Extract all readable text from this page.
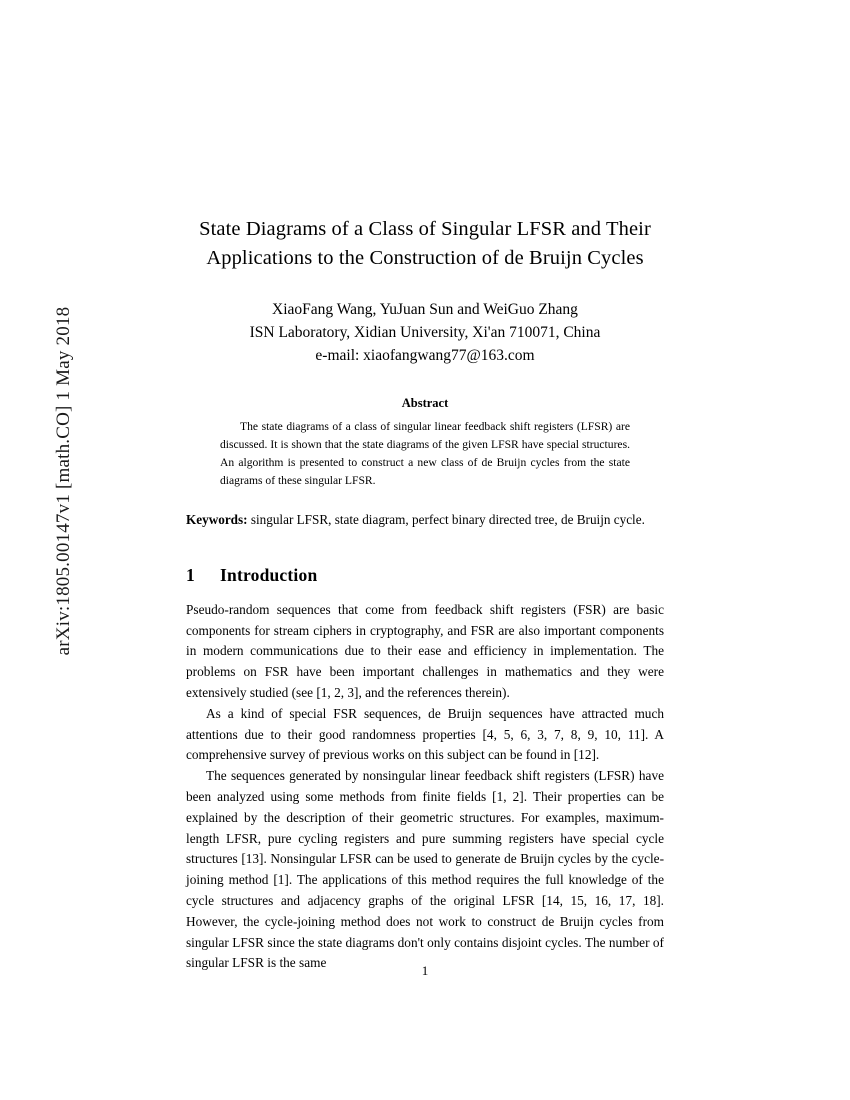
arXiv:1805.00147v1 [math.CO] 1 May 2018
State Diagrams of a Class of Singular LFSR and Their Applications to the Construction of de Bruijn Cycles
XiaoFang Wang, YuJuan Sun and WeiGuo Zhang
ISN Laboratory, Xidian University, Xi'an 710071, China
e-mail: xiaofangwang77@163.com
Abstract
The state diagrams of a class of singular linear feedback shift registers (LFSR) are discussed. It is shown that the state diagrams of the given LFSR have special structures. An algorithm is presented to construct a new class of de Bruijn cycles from the state diagrams of these singular LFSR.
Keywords: singular LFSR, state diagram, perfect binary directed tree, de Bruijn cycle.
1 Introduction

Pseudo-random sequences that come from feedback shift registers (FSR) are basic components for stream ciphers in cryptography, and FSR are also important components in modern communications due to their ease and efficiency in implementation. The problems on FSR have been important challenges in mathematics and they were extensively studied (see [1, 2, 3], and the references therein).

As a kind of special FSR sequences, de Bruijn sequences have attracted much attentions due to their good randomness properties [4, 5, 6, 3, 7, 8, 9, 10, 11]. A comprehensive survey of previous works on this subject can be found in [12].

The sequences generated by nonsingular linear feedback shift registers (LFSR) have been analyzed using some methods from finite fields [1, 2]. Their properties can be explained by the description of their geometric structures. For examples, maximum-length LFSR, pure cycling registers and pure summing registers have special cycle structures [13]. Nonsingular LFSR can be used to generate de Bruijn cycles by the cycle-joining method [1]. The applications of this method requires the full knowledge of the cycle structures and adjacency graphs of the original LFSR [14, 15, 16, 17, 18]. However, the cycle-joining method does not work to construct de Bruijn cycles from singular LFSR since the state diagrams don't only contains disjoint cycles. The number of singular LFSR is the same

1
